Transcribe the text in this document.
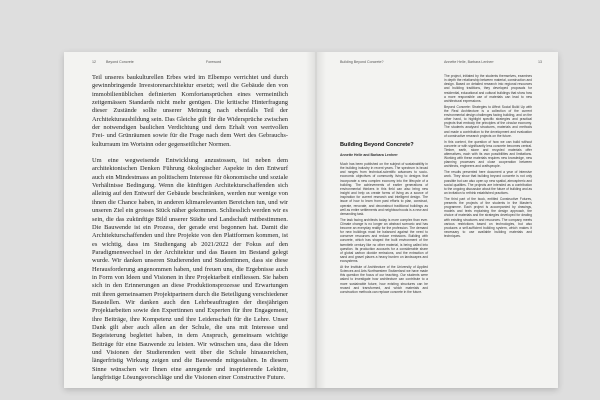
12	Beyond Concrete	Foreword

Teil unseres baukulturellen Erbes wird im Elbempo verrichtet und durch gewinnbringende Investorenarchitektur ersetzt; weil die Gebäude den von immobilienüblichen definierten Komfortansprüchen eines vermeintlich zeitgemässen Standards nicht mehr genügen. Die kritische Hinterfragung dieser Zustände sollte unserer Meinung nach ebenfalls Teil der Architekturausbildung sein. Das Gleiche gilt für die Widersprüche zwischen der notwendigen baulichen Verdichtung und dem Erhalt von wertvollen Frei- und Grünräumen sowie für die Frage nach dem Wert des Gebrauchs- kulturraum im Wortsinn oder gegenseitlicher Normen.

Um eine wegweisende Entwicklung anzustossen, ist neben dem architektonischen Denken Führung ökologischer Aspekte in den Entwurf auch ein Mindestmass an politischem Interesse für ökonomische und soziale Verhältnisse Bedingung. Wenn die künftigen Architekturschaffenden sich alleinig auf den Entwurf der Gebäude beschränken, werden nur wenige von ihnen die Chance haben, in anderen klimarelevanten Bereichen tun, und wir unseren Ziel ein grosses Stück näher gekommen. Schliesslich werden wir es sein, die das zukünftige Bild unserer Städte und Landschaft mitbestimmen. Die Bauwende ist ein Prozess, der gerade erst begonnen hat. Damit die Architekturschaffenden und ihre Projekte von den Plattformen kommen, ist es wichtig, dass im Studiengang ab 2021/2022 der Fokus auf den Paradigmenwechsel in der Architektur und das Bauen im Bestand gelegt wurde. Wir danken unseren Studierenden und Studentinnen, dass sie diese Herausforderung angenommen haben, und freuen uns, die Ergebnisse auch in Form von Ideen und Visionen in ihre Projektarbeit einfliessen. Sie haben sich in den Erinnerungen an diese Produktionsprozesse und Erwartungen mit ihren gemeinsamen Projektpartnern durch die Beteiligung verschiedener Baustellen. Wir danken auch den Lehrbeauftragten der diesjährigen Projektarbeiten sowie den Expertinnen und Experten für ihre Engagement, ihre Beiträge, ihre Kompetenz und ihre Leidenschaft für die Lehre. Unser Dank gilt aber auch allen an der Schule, die uns mit Interesse und Begeisterung begleitet haben, in dem Anspruch, gemeinsam wichtige Beiträge für eine Bauwende zu leisten. Wir wünschen uns, dass die Ideen und Visionen der Studierenden weit über die Schule hinausreichen, längerfristig Wirkung zeigen und die Bauwende mitgestalten. In diesem Sinne wünschen wir Ihnen eine anregende und inspirierende Lektüre, langfristige Lösungsvorschläge und die Visionen einer Constructive Future.

Building Beyond Concrete?	Annette Helle, Barbara Lenherr	13
Building Beyond Concrete?

Annette Helle and Barbara Lenherr

Much has been published on the subject of sustainability in the building industry in recent years. The spectrum is broad and ranges from technical-scientific advances to socio-economic objectives of community living to designs that incorporate a new complex economy into the lifecycle of a building. The achievements of earlier generations of environmental thinkers in this field can also bring new insight and help us create forms of living as a source of inspiration for current research and intelligent design. The issue of how to learn from past efforts to plan, construct, operate, renovate, and deconstruct traditional buildings as well as entire settlements and neighbourhoods is a new and demanding task.

The task facing architects today is more complex than ever. Climate change is no longer an abstract scenario and has become an everyday reality for the profession. The demand for new buildings must be balanced against the need to conserve resources and reduce emissions. Building with concrete, which has shaped the built environment of the twentieth century like no other material, is being called into question. Its production accounts for a considerable share of global carbon dioxide emissions, and the extraction of sand and gravel places a heavy burden on landscapes and ecosystems.

At the Institute of Architecture of the University of Applied Sciences and Arts Northwestern Switzerland we have made this question the focus of our teaching. Our students were asked to investigate how architecture can contribute to a more sustainable future, how existing structures can be reused and transformed, and which materials and construction methods can replace concrete in the future.

The project, initiated by the students themselves, examines in depth the relationship between material, construction and design. Based on detailed research into regional resources and building traditions, they developed proposals for residential, educational and cultural buildings that show how a more responsible use of materials can lead to new architectural expressions.

Beyond Concrete: Strategies to Affect Social Build Up with the Real Architecture is a collection of the current environmental design challenges facing building, and on the other hand, to highlight specific strategies and practical projects that embody the principles of the circular economy. The students analysed structures, materials and methods and made a contribution to the development and evaluation of constructive research projects on the future.

In this context, the question of how we can build without concrete or with significantly less concrete becomes central. Timber, earth, stone and recycled materials offer alternatives, each with its own possibilities and limitations. Working with these materials requires new knowledge, new planning processes and close cooperation between architects, engineers and craftspeople.

The results presented here document a year of intensive work. They show that building beyond concrete is not only possible but can also open up new spatial, atmospheric and social qualities. The projects are intended as a contribution to the ongoing discussion about the future of building and as an invitation to rethink established practices.

The third part of the book, entitled Constructive Futures, presents the projects of the students in the Master's programme. Each project is accompanied by drawings, models and texts explaining the design approach, the choice of materials and the strategies developed for dealing with existing structures and resources. The company meets various restrictions based on technologies, but also produces a self-sufficient building system, which makes it necessary to use available building materials and techniques.
